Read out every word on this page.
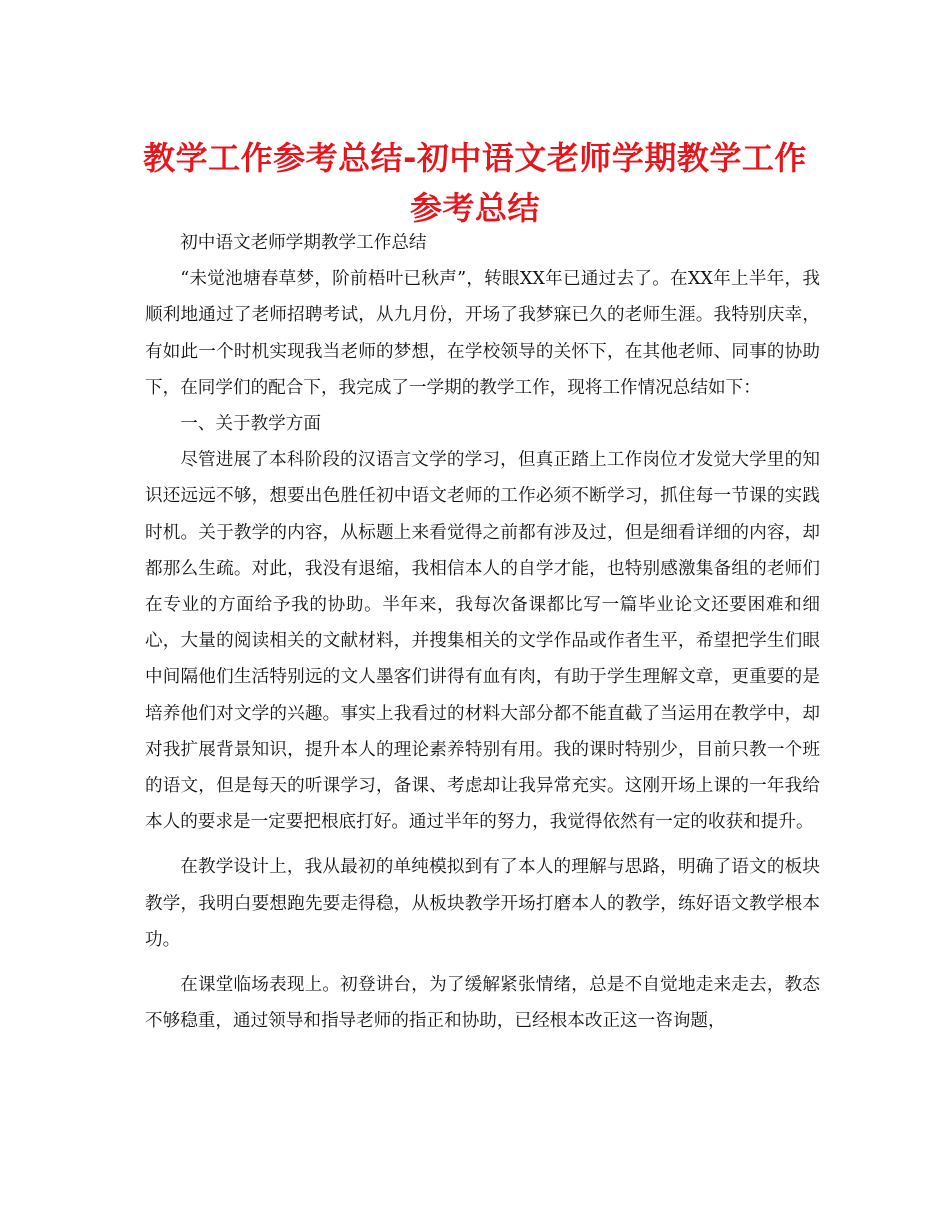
教学工作参考总结-初中语文老师学期教学工作
参考总结

初中语文老师学期教学工作总结

“未觉池塘春草梦，阶前梧叶已秋声”，转眼XX年已通过去了。在XX年上半年，我顺利地通过了老师招聘考试，从九月份，开场了我梦寐已久的老师生涯。我特别庆幸，有如此一个时机实现我当老师的梦想，在学校领导的关怀下，在其他老师、同事的协助下，在同学们的配合下，我完成了一学期的教学工作，现将工作情况总结如下：

一、关于教学方面

尽管进展了本科阶段的汉语言文学的学习，但真正踏上工作岗位才发觉大学里的知识还远远不够，想要出色胜任初中语文老师的工作必须不断学习，抓住每一节课的实践时机。关于教学的内容，从标题上来看觉得之前都有涉及过，但是细看详细的内容，却都那么生疏。对此，我没有退缩，我相信本人的自学才能，也特别感激集备组的老师们在专业的方面给予我的协助。半年来，我每次备课都比写一篇毕业论文还要困难和细心，大量的阅读相关的文献材料，并搜集相关的文学作品或作者生平，希望把学生们眼中间隔他们生活特别远的文人墨客们讲得有血有肉，有助于学生理解文章，更重要的是培养他们对文学的兴趣。事实上我看过的材料大部分都不能直截了当运用在教学中，却对我扩展背景知识，提升本人的理论素养特别有用。我的课时特别少，目前只教一个班的语文，但是每天的听课学习，备课、考虑却让我异常充实。这刚开场上课的一年我给本人的要求是一定要把根底打好。通过半年的努力，我觉得依然有一定的收获和提升。

在教学设计上，我从最初的单纯模拟到有了本人的理解与思路，明确了语文的板块教学，我明白要想跑先要走得稳，从板块教学开场打磨本人的教学，练好语文教学根本功。

在课堂临场表现上。初登讲台，为了缓解紧张情绪，总是不自觉地走来走去，教态不够稳重，通过领导和指导老师的指正和协助，已经根本改正这一咨询题，
